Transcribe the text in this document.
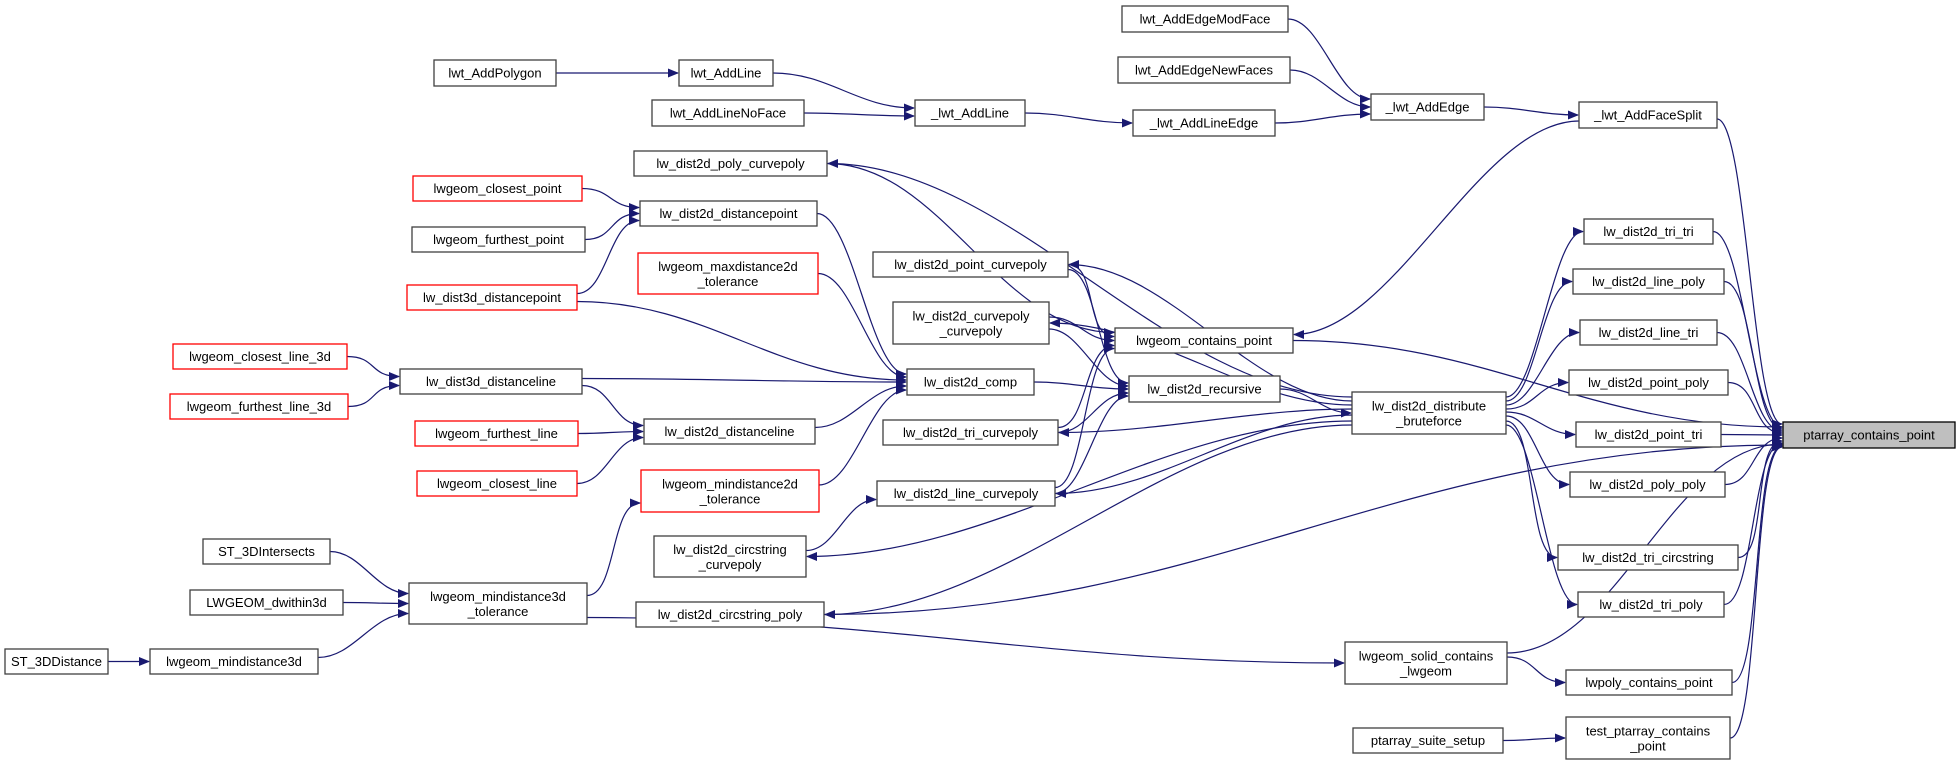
lwt_AddPolygon	lwt_AddLine
lwt_AddLineNoFace	_lwt_AddLine
lwt_AddEdgeModFace
lwt_AddEdgeNewFaces
_lwt_AddLineEdge
_lwt_AddEdge
_lwt_AddFaceSplit
lw_dist2d_poly_curvepoly
lwgeom_closest_point
lw_dist2d_distancepoint
lwgeom_furthest_point
lwgeom_maxdistance2d _tolerance
lw_dist3d_distancepoint
lw_dist2d_point_curvepoly
lw_dist2d_curvepoly _curvepoly
lwgeom_closest_line_3d
lw_dist3d_distanceline
lwgeom_furthest_line_3d
lwgeom_contains_point
lw_dist2d_comp
lwgeom_furthest_line	lw_dist2d_distanceline
lw_dist2d_recursive
lwgeom_closest_line	lwgeom_mindistance2d _tolerance
lw_dist2d_tri_curvepoly
lw_dist2d_distribute _bruteforce
lw_dist2d_line_curvepoly
lw_dist2d_circstring _curvepoly
lw_dist2d_circstring_poly
lwgeom_mindistance3d _tolerance
ST_3DIntersects
LWGEOM_dwithin3d
ST_3DDistance	lwgeom_mindistance3d
lw_dist2d_tri_tri
lw_dist2d_line_poly
lw_dist2d_line_tri
lw_dist2d_point_poly
lw_dist2d_point_tri
lw_dist2d_poly_poly
lw_dist2d_tri_circstring
lw_dist2d_tri_poly
ptarray_contains_point
lwgeom_solid_contains _lwgeom
lwpoly_contains_point
ptarray_suite_setup
test_ptarray_contains _point
